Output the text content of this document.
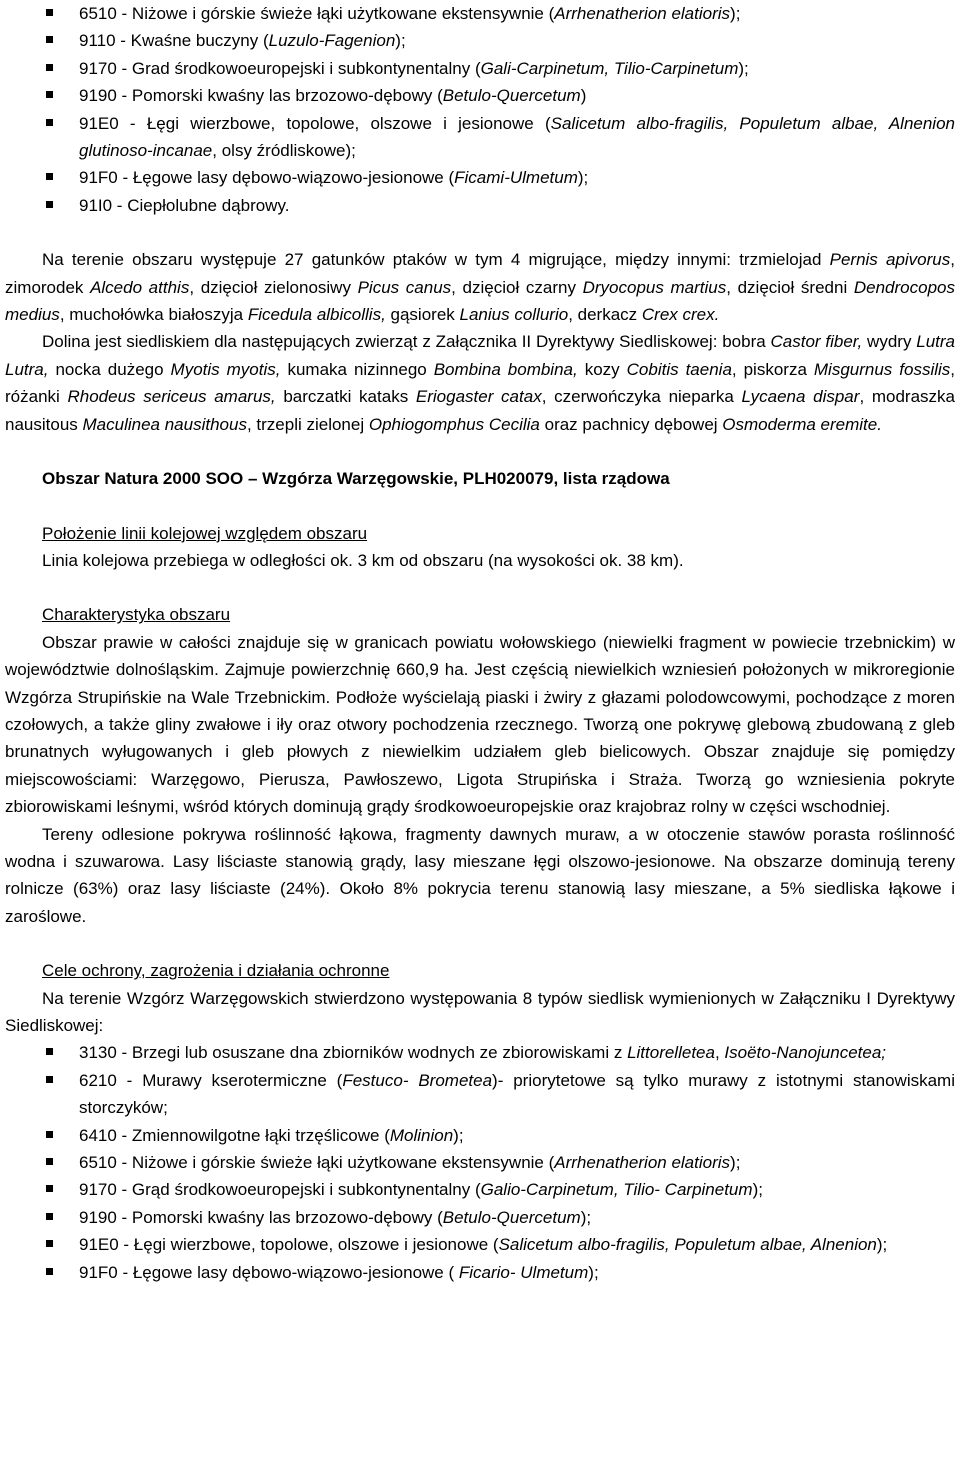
6510 - Niżowe i górskie świeże łąki użytkowane ekstensywnie (Arrhenatherion elatioris);
9110 - Kwaśne buczyny (Luzulo-Fagenion);
9170 - Grad środkowoeuropejski i subkontynentalny (Gali-Carpinetum, Tilio-Carpinetum);
9190 - Pomorski kwaśny las brzozowo-dębowy (Betulo-Quercetum)
91E0 - Łęgi wierzbowe, topolowe, olszowe i jesionowe (Salicetum albo-fragilis, Populetum albae, Alnenion glutinoso-incanae, olsy źródliskowe);
91F0 - Łęgowe lasy dębowo-wiązowo-jesionowe (Ficami-Ulmetum);
91I0 - Ciepłolubne dąbrowy.

Na terenie obszaru występuje 27 gatunków ptaków w tym 4 migrujące, między innymi: trzmielojad Pernis apivorus, zimorodek Alcedo atthis, dzięcioł zielonosiwy Picus canus, dzięcioł czarny Dryocopus martius, dzięcioł średni Dendrocopos medius, muchołówka białoszyja Ficedula albicollis, gąsiorek Lanius collurio, derkacz Crex crex.

Dolina jest siedliskiem dla następujących zwierząt z Załącznika II Dyrektywy Siedliskowej: bobra Castor fiber, wydry Lutra Lutra, nocka dużego Myotis myotis, kumaka nizinnego Bombina bombina, kozy Cobitis taenia, piskorza Misgurnus fossilis, różanki Rhodeus sericeus amarus, barczatki kataks Eriogaster catax, czerwończyka nieparka Lycaena dispar, modraszka nausitous Maculinea nausithous, trzepli zielonej Ophiogomphus Cecilia oraz pachnicy dębowej Osmoderma eremite.

Obszar Natura 2000 SOO – Wzgórza Warzęgowskie, PLH020079, lista rządowa

Położenie linii kolejowej względem obszaru

Linia kolejowa przebiega w odległości ok. 3 km od obszaru (na wysokości ok. 38 km).

Charakterystyka obszaru

Obszar prawie w całości znajduje się w granicach powiatu wołowskiego (niewielki fragment w powiecie trzebnickim) w województwie dolnośląskim. Zajmuje powierzchnię 660,9 ha. Jest częścią niewielkich wzniesień położonych w mikroregionie Wzgórza Strupińskie na Wale Trzebnickim. Podłoże wyścielają piaski i żwiry z głazami polodowcowymi, pochodzące z moren czołowych, a także gliny zwałowe i iły oraz otwory pochodzenia rzecznego. Tworzą one pokrywę glebową zbudowaną z gleb brunatnych wyługowanych i gleb płowych z niewielkim udziałem gleb bielicowych. Obszar znajduje się pomiędzy miejscowościami: Warzęgowo, Pierusza, Pawłoszewo, Ligota Strupińska i Straża. Tworzą go wzniesienia pokryte zbiorowiskami leśnymi, wśród których dominują grądy środkowoeuropejskie oraz krajobraz rolny w części wschodniej.

Tereny odlesione pokrywa roślinność łąkowa, fragmenty dawnych muraw, a w otoczenie stawów porasta roślinność wodna i szuwarowa. Lasy liściaste stanowią grądy, lasy mieszane łęgi olszowo-jesionowe. Na obszarze dominują tereny rolnicze (63%) oraz lasy liściaste (24%). Około 8% pokrycia terenu stanowią lasy mieszane, a 5% siedliska łąkowe i zaroślowe.

Cele ochrony, zagrożenia i działania ochronne

Na terenie Wzgórz Warzęgowskich stwierdzono występowania 8 typów siedlisk wymienionych w Załączniku I Dyrektywy Siedliskowej:

3130 - Brzegi lub osuszane dna zbiorników wodnych ze zbiorowiskami z Littorelletea, Isoëto-Nanojuncetea;
6210 - Murawy kserotermiczne (Festuco- Brometea)- priorytetowe są tylko murawy z istotnymi stanowiskami storczyków;
6410 - Zmiennowilgotne łąki trzęślicowe (Molinion);
6510 - Niżowe i górskie świeże łąki użytkowane ekstensywnie (Arrhenatherion elatioris);
9170 - Grąd środkowoeuropejski i subkontynentalny (Galio-Carpinetum, Tilio- Carpinetum);
9190 - Pomorski kwaśny las brzozowo-dębowy (Betulo-Quercetum);
91E0 - Łęgi wierzbowe, topolowe, olszowe i jesionowe (Salicetum albo-fragilis, Populetum albae, Alnenion);
91F0 - Łęgowe lasy dębowo-wiązowo-jesionowe ( Ficario- Ulmetum);
